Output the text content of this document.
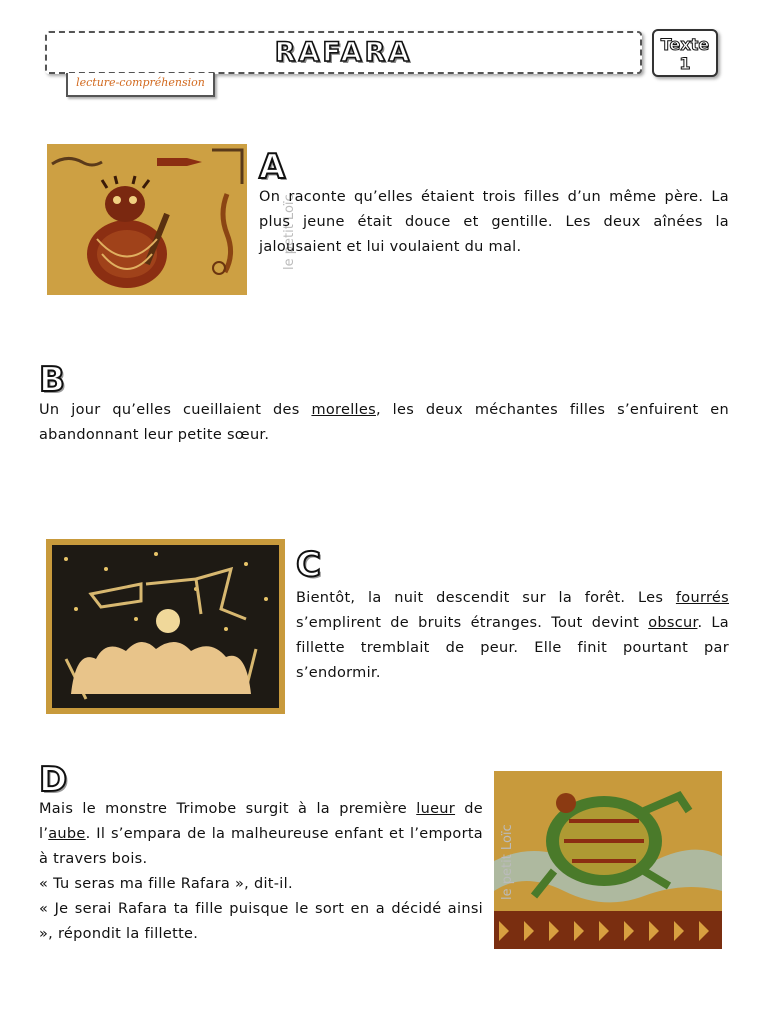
RAFARA
lecture-compréhension
Texte
1
A
le petit Loïc

On raconte qu’elles étaient trois filles d’un même père. La plus jeune était douce et gentille. Les deux aînées la jalousaient et lui voulaient du mal.

B

Un jour qu’elles cueillaient des morelles, les deux méchantes filles s’enfuirent en abandonnant leur petite sœur.

C

Bientôt, la nuit descendit sur la forêt. Les fourrés s’emplirent de bruits étranges. Tout devint obscur. La fillette tremblait de peur. Elle finit pourtant par s’endormir.

D

Mais le monstre Trimobe surgit à la première lueur de l’aube. Il s’empara de la malheureuse enfant et l’emporta à travers bois.

« Tu seras ma fille Rafara », dit-il.

« Je serai Rafara ta fille puisque le sort en a décidé ainsi », répondit la fillette.

le petit Loïc
